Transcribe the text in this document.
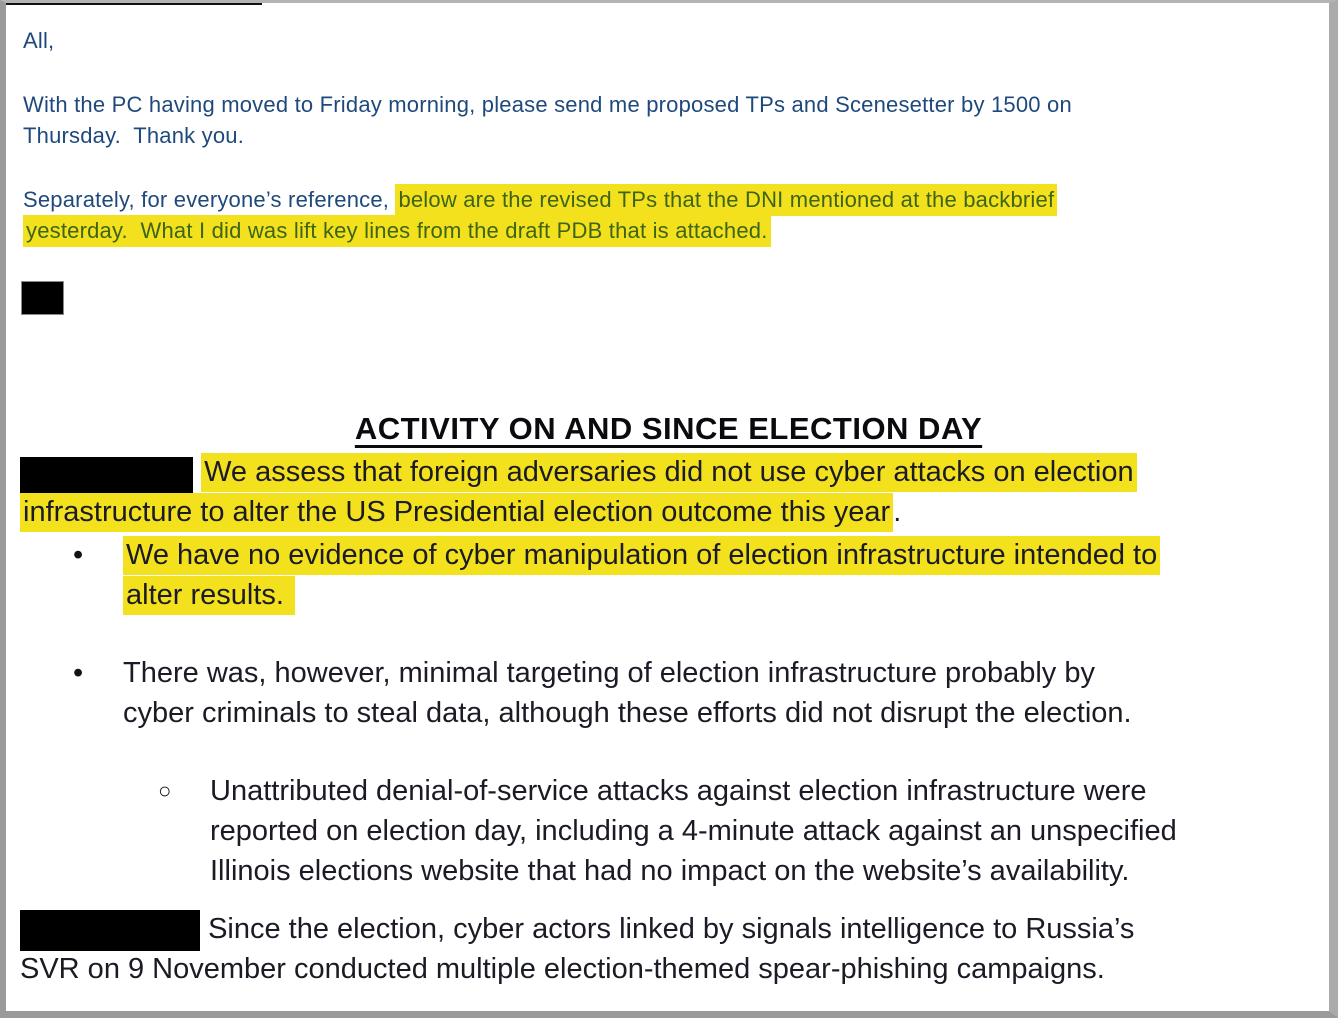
All,
With the PC having moved to Friday morning, please send me proposed TPs and Scenesetter by 1500 on
Thursday.  Thank you.
Separately, for everyone’s reference, below are the revised TPs that the DNI mentioned at the backbrief
yesterday.  What I did was lift key lines from the draft PDB that is attached.
ACTIVITY ON AND SINCE ELECTION DAY
We assess that foreign adversaries did not use cyber attacks on election
infrastructure to alter the US Presidential election outcome this year .
•	We have no evidence of cyber manipulation of election infrastructure intended to
alter results.
•	There was, however, minimal targeting of election infrastructure probably by
cyber criminals to steal data, although these efforts did not disrupt the election.
○	Unattributed denial-of-service attacks against election infrastructure were
reported on election day, including a 4-minute attack against an unspecified
Illinois elections website that had no impact on the website’s availability.
Since the election, cyber actors linked by signals intelligence to Russia’s
SVR on 9 November conducted multiple election-themed spear-phishing campaigns.
